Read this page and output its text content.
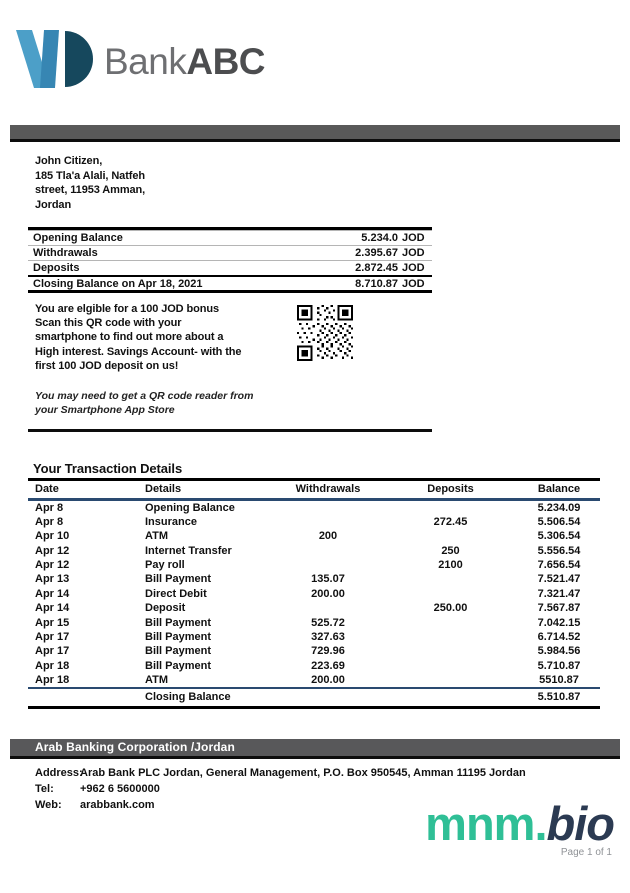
BankABC
John Citizen,
185 Tla'a Alali, Natfeh
street, 11953 Amman,
Jordan
Opening Balance	5.234.0 JOD
Withdrawals	2.395.67 JOD
Deposits	2.872.45 JOD
Closing Balance on Apr 18, 2021	8.710.87 JOD
You are elgible for a 100 JOD bonus
Scan this QR code with your
smartphone to find out more about a
High interest. Savings Account- with the
first 100 JOD deposit on us!
You may need to get a QR code reader from
your Smartphone App Store
Your Transaction Details
Date	Details	Withdrawals	Deposits	Balance
Apr 8	Opening Balance			5.234.09
Apr 8	Insurance		272.45	5.506.54
Apr 10	ATM	200		5.306.54
Apr 12	Internet Transfer		250	5.556.54
Apr 12	Pay roll		2100	7.656.54
Apr 13	Bill Payment	135.07		7.521.47
Apr 14	Direct Debit	200.00		7.321.47
Apr 14	Deposit		250.00	7.567.87
Apr 15	Bill Payment	525.72		7.042.15
Apr 17	Bill Payment	327.63		6.714.52
Apr 17	Bill Payment	729.96		5.984.56
Apr 18	Bill Payment	223.69		5.710.87
Apr 18	ATM	200.00		5510.87
	Closing Balance			5.510.87
Arab Banking Corporation /Jordan
Address:
Arab Bank PLC Jordan, General Management, P.O. Box 950545, Amman 11195 Jordan
Tel:	+962 6 5600000
Web:	arabbank.com	mnm.bio
Page 1 of 1
